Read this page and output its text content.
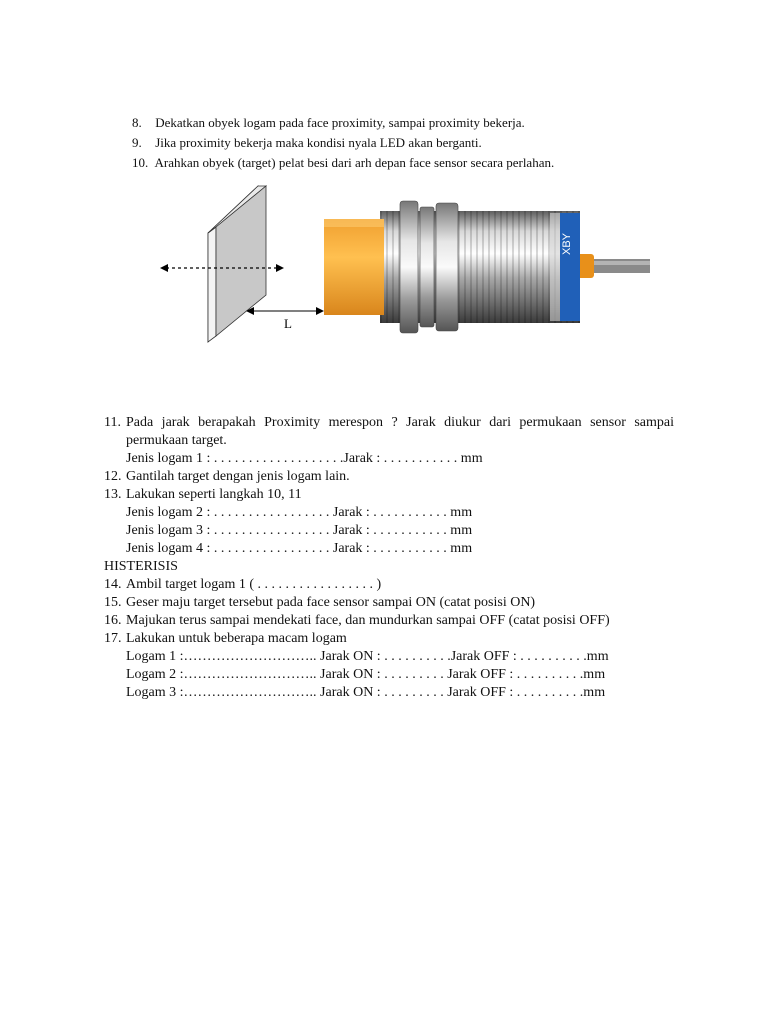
8. Dekatkan obyek logam pada face proximity, sampai proximity bekerja.
9. Jika proximity bekerja maka kondisi nyala LED akan berganti.
10. Arahkan obyek (target) pelat besi dari arh depan face sensor secara perlahan.
L
XBY
11. Pada jarak berapakah Proximity merespon ? Jarak diukur dari permukaan sensor sampai
permukaan target.
Jenis logam 1 : . . . . . . . . . . . . . . . . . . .Jarak : . . . . . . . . . . . mm
12. Gantilah target dengan jenis logam lain.
13. Lakukan seperti langkah 10, 11
Jenis logam 2 : . . . . . . . . . . . . . . . . . Jarak : . . . . . . . . . . . mm
Jenis logam 3 : . . . . . . . . . . . . . . . . . Jarak : . . . . . . . . . . . mm
Jenis logam 4 : . . . . . . . . . . . . . . . . . Jarak : . . . . . . . . . . . mm
HISTERISIS
14. Ambil target logam 1 ( . . . . . . . . . . . . . . . . . )
15. Geser maju target tersebut pada face sensor sampai ON (catat posisi ON)
16. Majukan terus sampai mendekati face, dan mundurkan sampai OFF (catat posisi OFF)
17. Lakukan untuk beberapa macam logam
Logam 1 :……………………….. Jarak ON : . . . . . . . . . .Jarak OFF : . . . . . . . . . .mm
Logam 2 :……………………….. Jarak ON : . . . . . . . . . Jarak OFF : . . . . . . . . . .mm
Logam 3 :……………………….. Jarak ON : . . . . . . . . . Jarak OFF : . . . . . . . . . .mm
